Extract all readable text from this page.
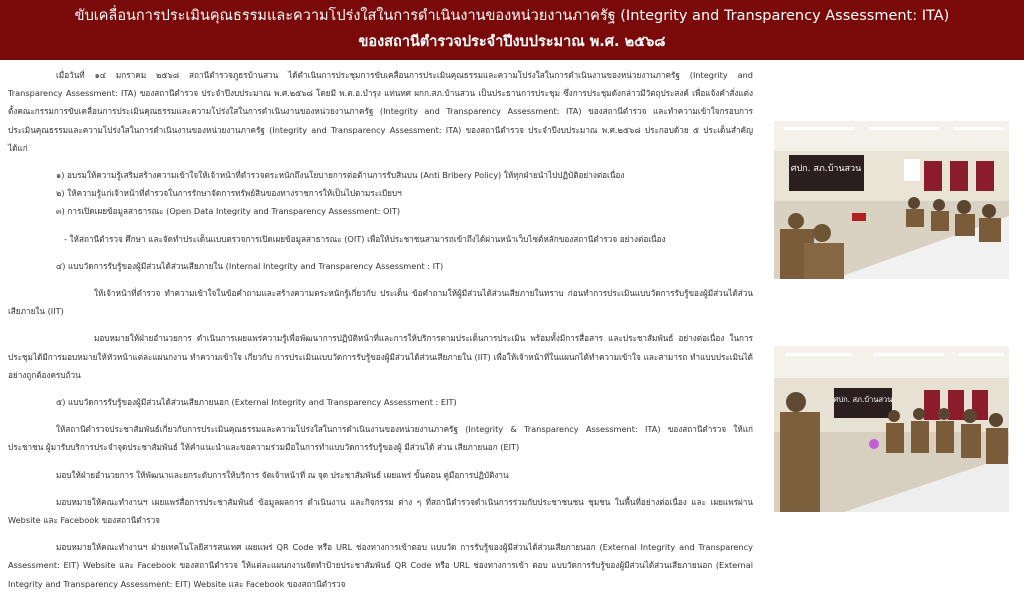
ขับเคลื่อนการประเมินคุณธรรมและความโปร่งใสในการดำเนินงานของหน่วยงานภาครัฐ (Integrity and Transparency Assessment: ITA)
ของสถานีตำรวจประจำปีงบประมาณ พ.ศ. ๒๕๖๘

เมื่อวันที่ ๑๔ มกราคม ๒๕๖๘ สถานีตำรวจภูธรบ้านสวน ได้ดำเนินการประชุมการขับเคลื่อนการประเมินคุณธรรมและความโปร่งใสในการดำเนินงานของหน่วยงานภาครัฐ (Integrity and Transparency Assessment: ITA) ของสถานีตำรวจ ประจำปีงบประมาณ พ.ศ.๒๕๖๘ โดยมี พ.ต.อ.บำรุง แท่นทศ ผกก.สภ.บ้านสวน เป็นประธานการประชุม ซึ่งการประชุมดังกล่าวมีวัตถุประสงค์ เพื่อแจ้งคำสั่งแต่งตั้งคณะกรรมการขับเคลื่อนการประเมินคุณธรรมและความโปร่งใสในการดำเนินงานของหน่วยงานภาครัฐ (Integrity and Transparency Assessment: ITA) ของสถานีตำรวจ และทำความเข้าใจกรอบการประเมินคุณธรรมและความโปร่งใสในการดำเนินงานของหน่วยงานภาครัฐ (Integrity and Transparency Assessment: ITA) ของสถานีตำรวจ ประจำปีงบประมาณ พ.ศ.๒๕๖๘ ประกอบด้วย ๕ ประเด็นสำคัญ ได้แก่

๑) อบรมให้ความรู้เสริมสร้างความเข้าใจให้เจ้าหน้าที่ตำรวจตระหนักถึงนโยบายการต่อต้านการรับสินบน (Anti Bribery Policy) ให้ทุกฝ่ายนำไปปฏิบัติอย่างต่อเนื่อง

๒) ให้ความรู้แก่เจ้าหน้าที่ตำรวจในการรักษาจัดการทรัพย์สินของทางราชการให้เป็นไปตามระเบียบฯ

๓) การเปิดเผยข้อมูลสาธารณะ (Open Data Integrity and Transparency Assessment: OIT)

- ให้สถานีตำรวจ ศึกษา และจัดทำประเด็นแบบตรวจการเปิดเผยข้อมูลสาธารณะ (OIT) เพื่อให้ประชาชนสามารถเข้าถึงได้ผ่านหน้าเว็บไซต์หลักของสถานีตำรวจ อย่างต่อเนื่อง

๔) แบบวัดการรับรู้ของผู้มีส่วนได้ส่วนเสียภายใน (Internal Integrity and Transparency Assessment : IT)

ให้เจ้าหน้าที่ตำรวจ ทำความเข้าใจในข้อคำถามและสร้างความตระหนักรู้เกี่ยวกับ ประเด็น ข้อคำถามให้ผู้มีส่วนได้ส่วนเสียภายในทราบ ก่อนทำการประเมินแบบวัดการรับรู้ของผู้มีส่วนได้ส่วนเสียภายใน (IIT)

มอบหมายให้ฝ่ายอำนวยการ ดำเนินการเผยแพร่ความรู้เพื่อพัฒนาการปฏิบัติหน้าที่และการให้บริการตามประเด็นการประเมิน พร้อมทั้งมีการสื่อสาร และประชาสัมพันธ์ อย่างต่อเนื่อง ในการประชุมได้มีการมอบหมายให้หัวหน้าแต่ละแผนกงาน ทำความเข้าใจ เกี่ยวกับ การประเมินแบบวัดการรับรู้ของผู้มีส่วนได้ส่วนเสียภายใน (IIT) เพื่อให้เจ้าหน้าที่ในแผนกได้ทำความเข้าใจ และสามารถ ทำแบบประเมินได้อย่างถูกต้องครบถ้วน

๕) แบบวัดการรับรู้ของผู้มีส่วนได้ส่วนเสียภายนอก (External Integrity and Transparency Assessment : EIT)

ให้สถานีตำรวจประชาสัมพันธ์เกี่ยวกับการประเมินคุณธรรมและความโปร่งใสในการดำเนินงานของหน่วยงานภาครัฐ (Integrity & Transparency Assessment: ITA) ของสถานีตำรวจ ให้แก่ ประชาชน ผู้มารับบริการประจำจุดประชาสัมพันธ์ ให้คำแนะนำและขอความร่วมมือในการทำแบบวัดการรับรู้ของผู้ มีส่วนได้ ส่วน เสียภายนอก (EIT)

มอบให้ฝ่ายอำนวยการ ให้พัฒนาและยกระดับการให้บริการ จัดเจ้าหน้าที่ ณ จุด ประชาสัมพันธ์ เผยแพร่ ขั้นตอน คู่มือการปฏิบัติงาน

มอบหมายให้คณะทำงานฯ เผยแพร่สื่อการประชาสัมพันธ์ ข้อมูลผลการ ดำเนินงาน และกิจกรรม ต่าง ๆ ที่สถานีตำรวจดำเนินการร่วมกับประชาชนชน ชุมชน ในพื้นที่อย่างต่อเนื่อง และ เผยแพร่ผ่าน Website และ Facebook ของสถานีตำรวจ

มอบหมายให้คณะทำงานฯ ฝ่ายเทคโนโลยีสารสนเทศ เผยแพร่ QR Code หรือ URL ช่องทางการเข้าตอบ แบบวัด การรับรู้ของผู้มีส่วนได้ส่วนเสียภายนอก (External Integrity and Transparency Assessment: EIT) Website และ Facebook ของสถานีตำรวจ ให้แต่ละแผนกงานจัดทำป้ายประชาสัมพันธ์ QR Code หรือ URL ช่องทางการเข้า ตอบ แบบวัดการรับรู้ของผู้มีส่วนได้ส่วนเสียภายนอก (External Integrity and Transparency Assessment: EIT) Website และ Facebook ของสถานีตำรวจ

ศปก. สภ.บ้านสวน
ศปก. สภ.บ้านสวน
